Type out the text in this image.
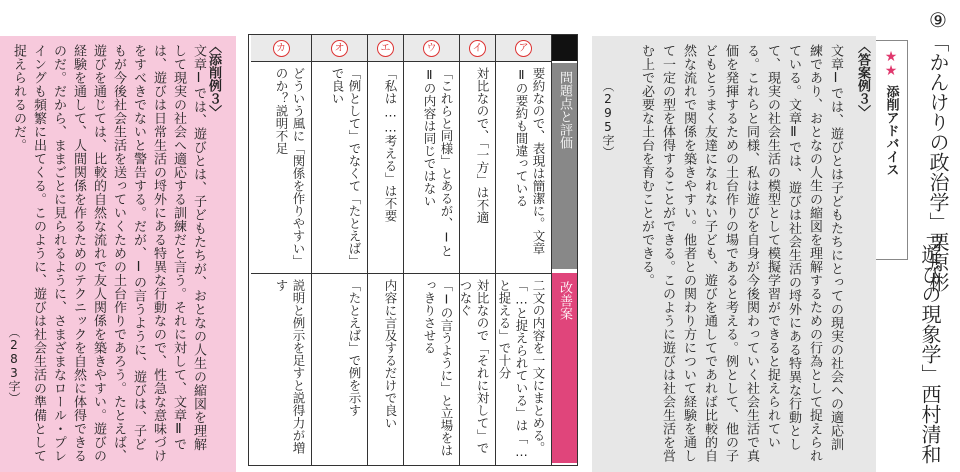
⑨「かんけりの政治学」栗原彬
「遊びの現象学」西村清和
★★
添削アドバイス
〈答案例３〉
文章Ⅰでは、遊びとは子どもたちにとっての現実の社会への適応訓練であり、おとなの人生の縮図を理解するための行為として捉えられている。文章Ⅱでは、遊びは社会生活の埒外にある特異な行動として、現実の社会生活の模型として模擬学習ができると捉えられている。これらと同様、私は遊びを自身が今後関わっていく社会生活で真価を発揮するための土台作りの場であると考える。例として、他の子どもとうまく友達になれない子ども、遊びを通してであれば比較的自然な流れで関係を築きやすい。他者との関わり方について経験を通して一定の型を体得することができる。このように遊びは社会生活を営む上で必要な土台を育むことができる。
（295字）
問題点と評価
改善案
ア
要約なので、表現は簡潔に。文章Ⅱの要約も間違っている
二文の内容を一文にまとめる。「…と捉えられている」は「…と捉える」で十分
イ
対比なので、「一方」は不適
対比なので「それに対して」でつなぐ
ウ
「これらと同様」とあるが、ⅠとⅡの内容は同じではない
「Ⅰの言うように」と立場をはっきりさせる
エ
「私は……考える」は不要
内容に言及するだけで良い
オ
「例として」でなくて「たとえば」で良い
「たとえば」で例を示す
カ
どういう風に「関係を作りやすい」のか？説明不足
説明と例示を足すと説得力が増す
〈添削例３〉
文章Ⅰでは、遊びとは、子どもたちが、おとなの人生の縮図を理解して現実の社会へ適応する訓練だと言う。それに対して、文章Ⅱでは、遊びは日常生活の埒外にある特異な行動なので、性急な意味づけをすべきでないと警告する。だが、Ⅰの言うように、遊びは、子どもが今後社会生活を送っていくための土台作りであろう。たとえば、遊びを通じては、比較的自然な流れで友人関係を築きやすい。遊びの経験を通して、人間関係を作るためのテクニックを自然に体得できるのだ。だから、ままごとに見られるように、さまざまなロール・プレイングも頻繁に出てくる。このように、遊びは社会生活の準備として捉えられるのだ。
（283字）
